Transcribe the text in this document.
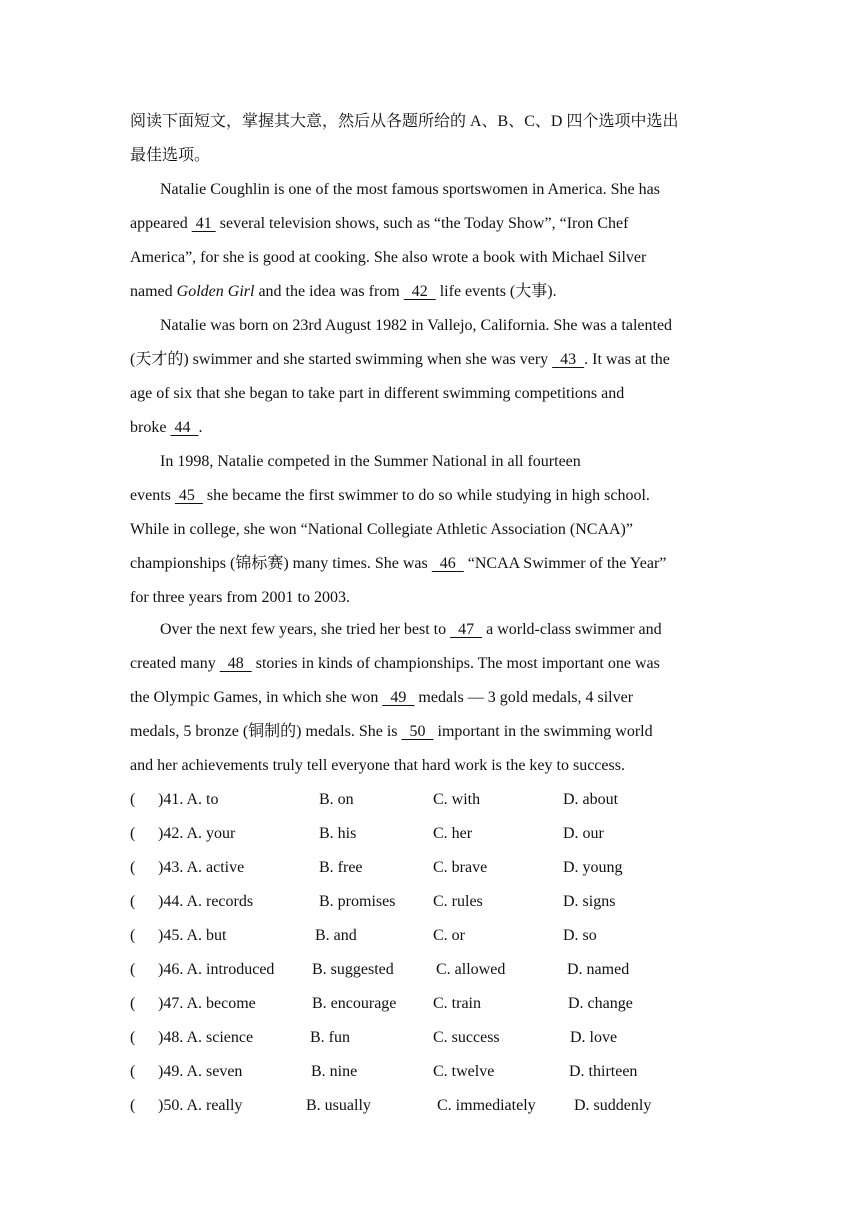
阅读下面短文，掌握其大意，然后从各题所给的 A、B、C、D 四个选项中选出
最佳选项。
Natalie Coughlin is one of the most famous sportswomen in America. She has
appeared  41  several television shows, such as “the Today Show”, “Iron Chef
America”, for she is good at cooking. She also wrote a book with Michael Silver
named Golden Girl and the idea was from   42   life events (大事).
Natalie was born on 23rd August 1982 in Vallejo, California. She was a talented
(天才的) swimmer and she started swimming when she was very   43  . It was at the
age of six that she began to take part in different swimming competitions and
broke  44  .
In 1998, Natalie competed in the Summer National in all fourteen
events  45   she became the first swimmer to do so while studying in high school.
While in college, she won “National Collegiate Athletic Association (NCAA)”
championships (锦标赛) many times. She was   46   “NCAA Swimmer of the Year”
for three years from 2001 to 2003.
Over the next few years, she tried her best to   47   a world-class swimmer and
created many   48   stories in kinds of championships. The most important one was
the Olympic Games, in which she won   49   medals — 3 gold medals, 4 silver
medals, 5 bronze (铜制的) medals. She is   50   important in the swimming world
and her achievements truly tell everyone that hard work is the key to success.
( )41. A. to	B. on	C. with	D. about
( )42. A. your	B. his	C. her	D. our
( )43. A. active	B. free	C. brave	D. young
( )44. A. records	B. promises C. rules	D. signs
( )45. A. but	B. and	C. or	D. so
( )46. A. introduced B. suggested	C. allowed	D. named
( )47. A. become	B. encourage C. train	D. change
( )48. A. science	B. fun	C. success	D. love
( )49. A. seven	B. nine	C. twelve	D. thirteen
( )50. A. really	B. usually	C. immediately D. suddenly
